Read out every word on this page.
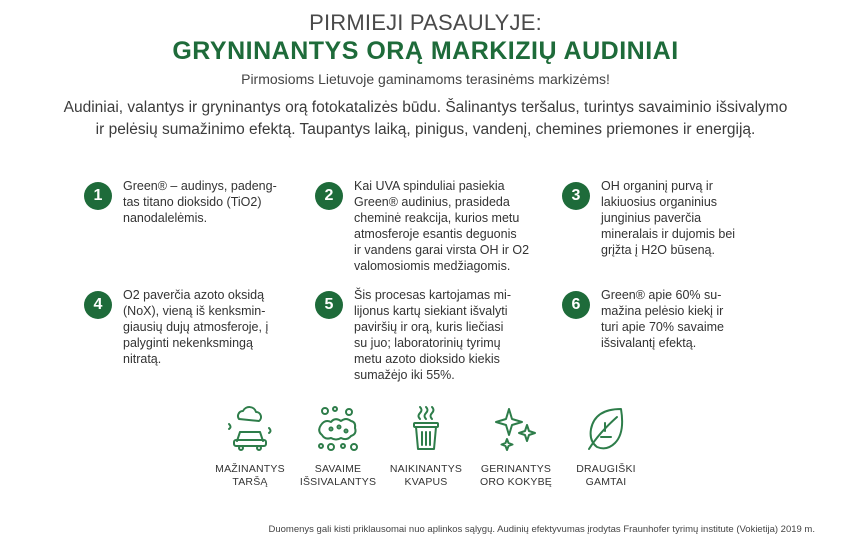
PIRMIEJI PASAULYJE:
GRYNINANTYS ORĄ MARKIZIŲ AUDINIAI
Pirmosioms Lietuvoje gaminamoms terasinėms markizėms!
Audiniai, valantys ir gryninantys orą fotokatalizės būdu. Šalinantys teršalus, turintys savaiminio išsivalymo
ir pelėsių sumažinimo efektą. Taupantys laiką, pinigus, vandenį, chemines priemones ir energiją.
1
Green® – audinys, padeng-
tas titano dioksido (TiO2)
nanodalelėmis.
2
Kai UVA spinduliai pasiekia
Green® audinius, prasideda
cheminė reakcija, kurios metu
atmosferoje esantis deguonis
ir vandens garai virsta OH ir O2
valomosiomis medžiagomis.
3
OH organinį purvą ir
lakiuosius organinius
junginius paverčia
mineralais ir dujomis bei
grįžta į H2O būseną.
4
O2 paverčia azoto oksidą
(NoX), vieną iš kenksmin-
giausių dujų atmosferoje, į
palyginti nekenksmingą
nitratą.
5
Šis procesas kartojamas mi-
lijonus kartų siekiant išvalyti
paviršių ir orą, kuris liečiasi
su juo; laboratorinių tyrimų
metu azoto dioksido kiekis
sumažėjo iki 55%.
6
Green® apie 60% su-
mažina pelėsio kiekį ir
turi apie 70% savaime
išsivalantį efektą.
MAŽINANTYS
TARŠĄ
SAVAIME
IŠSIVALANTYS
NAIKINANTYS
KVAPUS
GERINANTYS
ORO KOKYBĘ
DRAUGIŠKI
GAMTAI
Duomenys gali kisti priklausomai nuo aplinkos sąlygų. Audinių efektyvumas įrodytas Fraunhofer tyrimų institute (Vokietija) 2019 m.
